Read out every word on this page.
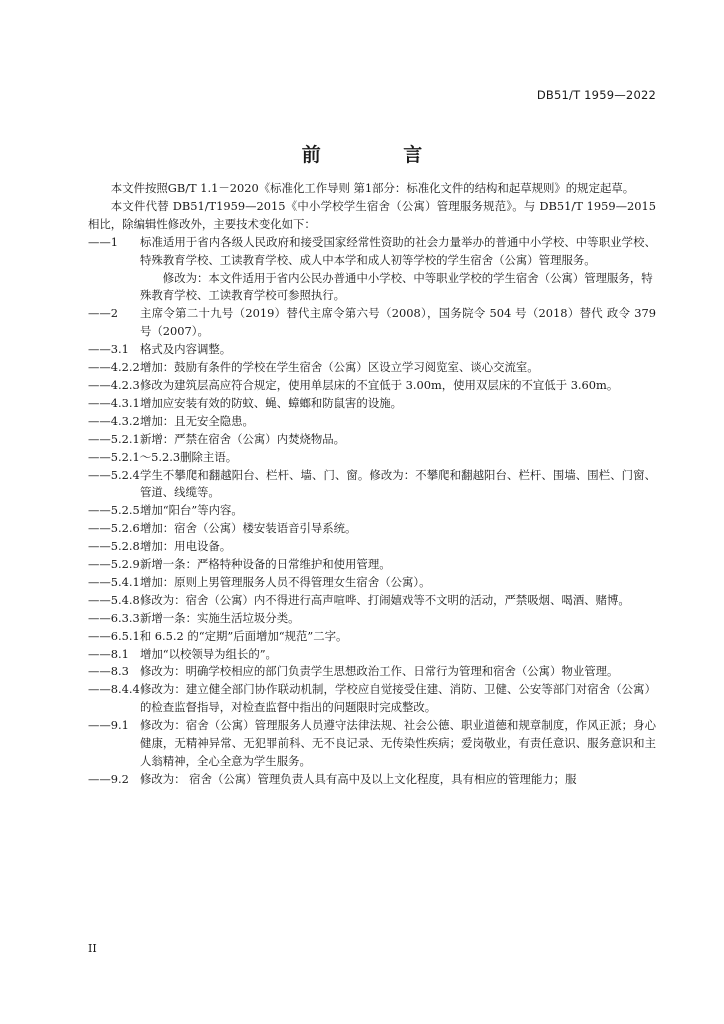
DB51/T 1959—2022
前 言

本文件按照GB/T 1.1－2020《标准化工作导则 第1部分：标准化文件的结构和起草规则》的规定起草。

本文件代替 DB51/T1959—2015《中小学校学生宿舍（公寓）管理服务规范》。与 DB51/T 1959—2015相比，除编辑性修改外，主要技术变化如下：

——1	标准适用于省内各级人民政府和接受国家经常性资助的社会力量举办的普通中小学校、中等职业学校、特殊教育学校、工读教育学校、成人中本学和成人初等学校的学生宿舍（公寓）管理服务。

修改为：本文件适用于省内公民办普通中小学校、中等职业学校的学生宿舍（公寓）管理服务，特殊教育学校、工读教育学校可参照执行。

——2	主席令第二十九号（2019）替代主席令第六号（2008），国务院令 504 号（2018）替代 政令 379 号（2007）。
——3.1 格式及内容调整。
——4.2.2 增加：鼓励有条件的学校在学生宿舍（公寓）区设立学习阅览室、谈心交流室。
——4.2.3 修改为建筑层高应符合规定，使用单层床的不宜低于 3.00m，使用双层床的不宜低于 3.60m。
——4.3.1 增加应安装有效的防蚊、蝇、蟑螂和防鼠害的设施。
——4.3.2 增加：且无安全隐患。
——5.2.1 新增：严禁在宿舍（公寓）内焚烧物品。
——5.2.1～5.2.3 删除主语。
——5.2.4 学生不攀爬和翻越阳台、栏杆、墙、门、窗。修改为：不攀爬和翻越阳台、栏杆、围墙、围栏、门窗、管道、线缆等。
——5.2.5 增加“阳台”等内容。
——5.2.6 增加：宿舍（公寓）楼安装语音引导系统。
——5.2.8 增加：用电设备。
——5.2.9 新增一条：严格特种设备的日常维护和使用管理。
——5.4.1 增加：原则上男管理服务人员不得管理女生宿舍（公寓）。
——5.4.8 修改为：宿舍（公寓）内不得进行高声喧哗、打闹嬉戏等不文明的活动，严禁吸烟、喝酒、赌博。
——6.3.3 新增一条：实施生活垃圾分类。
——6.5.1 和 6.5.2 的“定期”后面增加“规范”二字。
——8.1 增加“以校领导为组长的”。
——8.3 修改为：明确学校相应的部门负责学生思想政治工作、日常行为管理和宿舍（公寓）物业管理。
——8.4.4 修改为：建立健全部门协作联动机制，学校应自觉接受住建、消防、卫健、公安等部门对宿舍（公寓）的检查监督指导，对检查监督中指出的问题限时完成整改。
——9.1 修改为：宿舍（公寓）管理服务人员遵守法律法规、社会公德、职业道德和规章制度，作风正派；身心健康，无精神异常、无犯罪前科、无不良记录、无传染性疾病；爱岗敬业，有责任意识、服务意识和主人翁精神，全心全意为学生服务。
——9.2 修改为： 宿舍（公寓）管理负责人具有高中及以上文化程度，具有相应的管理能力；服
II
